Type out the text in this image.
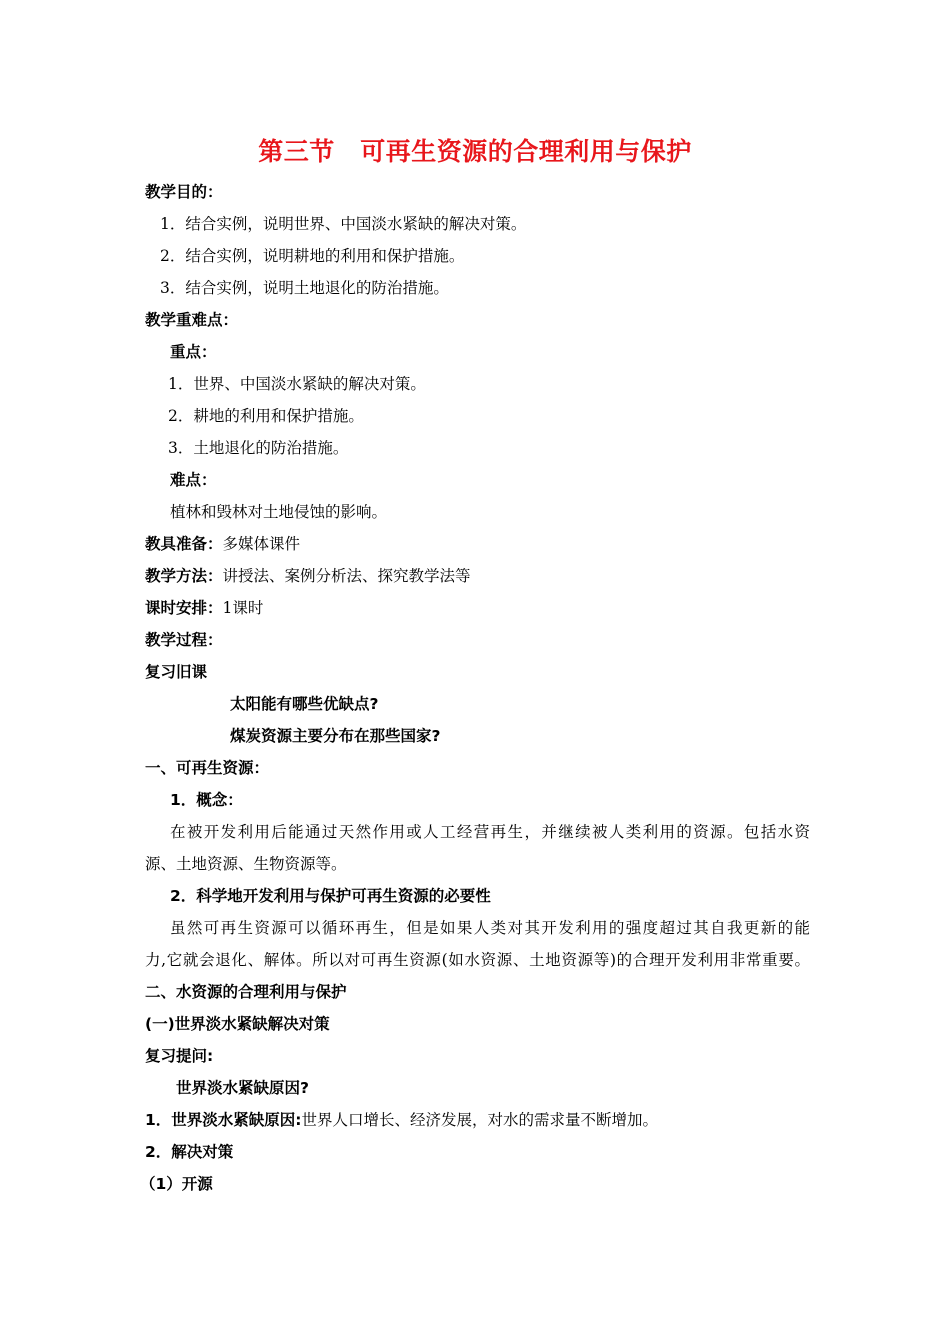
第三节　可再生资源的合理利用与保护
教学目的：
1．结合实例，说明世界、中国淡水紧缺的解决对策。
2．结合实例，说明耕地的利用和保护措施。
3．结合实例，说明土地退化的防治措施。
教学重难点：
重点：
1．世界、中国淡水紧缺的解决对策。
2．耕地的利用和保护措施。
3．土地退化的防治措施。
难点：
植林和毁林对土地侵蚀的影响。
教具准备：多媒体课件
教学方法：讲授法、案例分析法、探究教学法等
课时安排：1课时
教学过程：
复习旧课
太阳能有哪些优缺点?
煤炭资源主要分布在那些国家?
一、可再生资源：
1．概念：
在被开发利用后能通过天然作用或人工经营再生，并继续被人类利用的资源。包括水资
源、土地资源、生物资源等。
2．科学地开发利用与保护可再生资源的必要性
虽然可再生资源可以循环再生，但是如果人类对其开发利用的强度超过其自我更新的能
力,它就会退化、解体。所以对可再生资源(如水资源、土地资源等)的合理开发利用非常重要。
二、水资源的合理利用与保护
(一)世界淡水紧缺解决对策
复习提问:
世界淡水紧缺原因?
1．世界淡水紧缺原因:世界人口增长、经济发展，对水的需求量不断增加。
2．解决对策
（1）开源
